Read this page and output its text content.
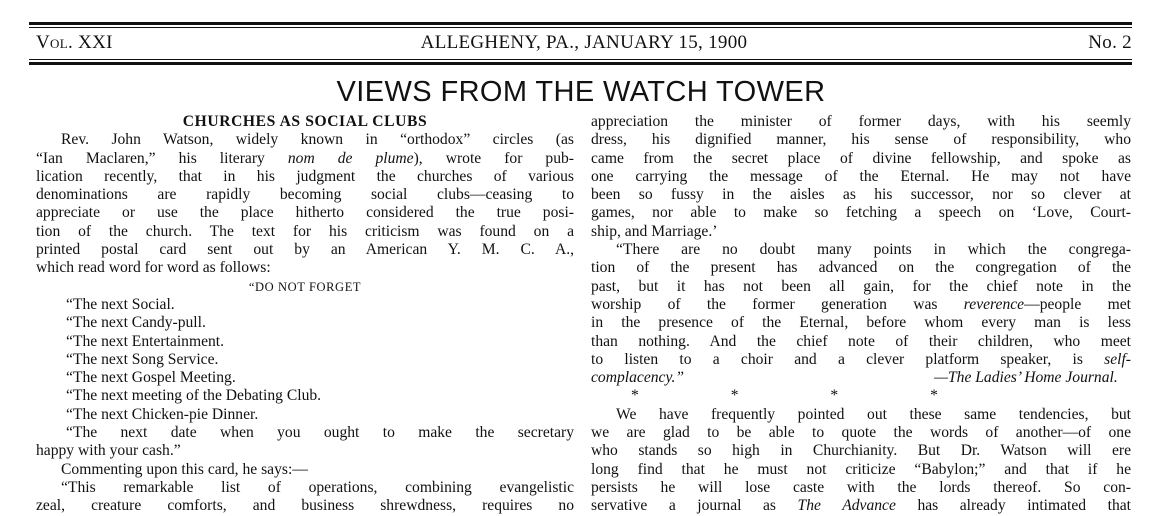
Vol. XXI	ALLEGHENY, PA., JANUARY 15, 1900	No. 2
VIEWS FROM THE WATCH TOWER
CHURCHES AS SOCIAL CLUBS
Rev. John Watson, widely known in “orthodox” circles (as
“Ian Maclaren,” his literary nom de plume), wrote for pub-
lication recently, that in his judgment the churches of various
denominations are rapidly becoming social clubs—ceasing to
appreciate or use the place hitherto considered the true posi-
tion of the church. The text for his criticism was found on a
printed postal card sent out by an American Y. M. C. A.,
which read word for word as follows:
“DO NOT FORGET
“The next Social.
“The next Candy-pull.
“The next Entertainment.
“The next Song Service.
“The next Gospel Meeting.
“The next meeting of the Debating Club.
“The next Chicken-pie Dinner.
“The next date when you ought to make the secretary
happy with your cash.”
Commenting upon this card, he says:—
“This remarkable list of operations, combining evangelistic
zeal, creature comforts, and business shrewdness, requires no
appreciation the minister of former days, with his seemly
dress, his dignified manner, his sense of responsibility, who
came from the secret place of divine fellowship, and spoke as
one carrying the message of the Eternal. He may not have
been so fussy in the aisles as his successor, nor so clever at
games, nor able to make so fetching a speech on ‘Love, Court-
ship, and Marriage.’
“There are no doubt many points in which the congrega-
tion of the present has advanced on the congregation of the
past, but it has not been all gain, for the chief note in the
worship of the former generation was reverence—people met
in the presence of the Eternal, before whom every man is less
than nothing. And the chief note of their children, who meet
to listen to a choir and a clever platform speaker, is self-
complacency.”	—The Ladies’ Home Journal.
* * * *
We have frequently pointed out these same tendencies, but
we are glad to be able to quote the words of another—of one
who stands so high in Churchianity. But Dr. Watson will ere
long find that he must not criticize “Babylon;” and that if he
persists he will lose caste with the lords thereof. So con-
servative a journal as The Advance has already intimated that
